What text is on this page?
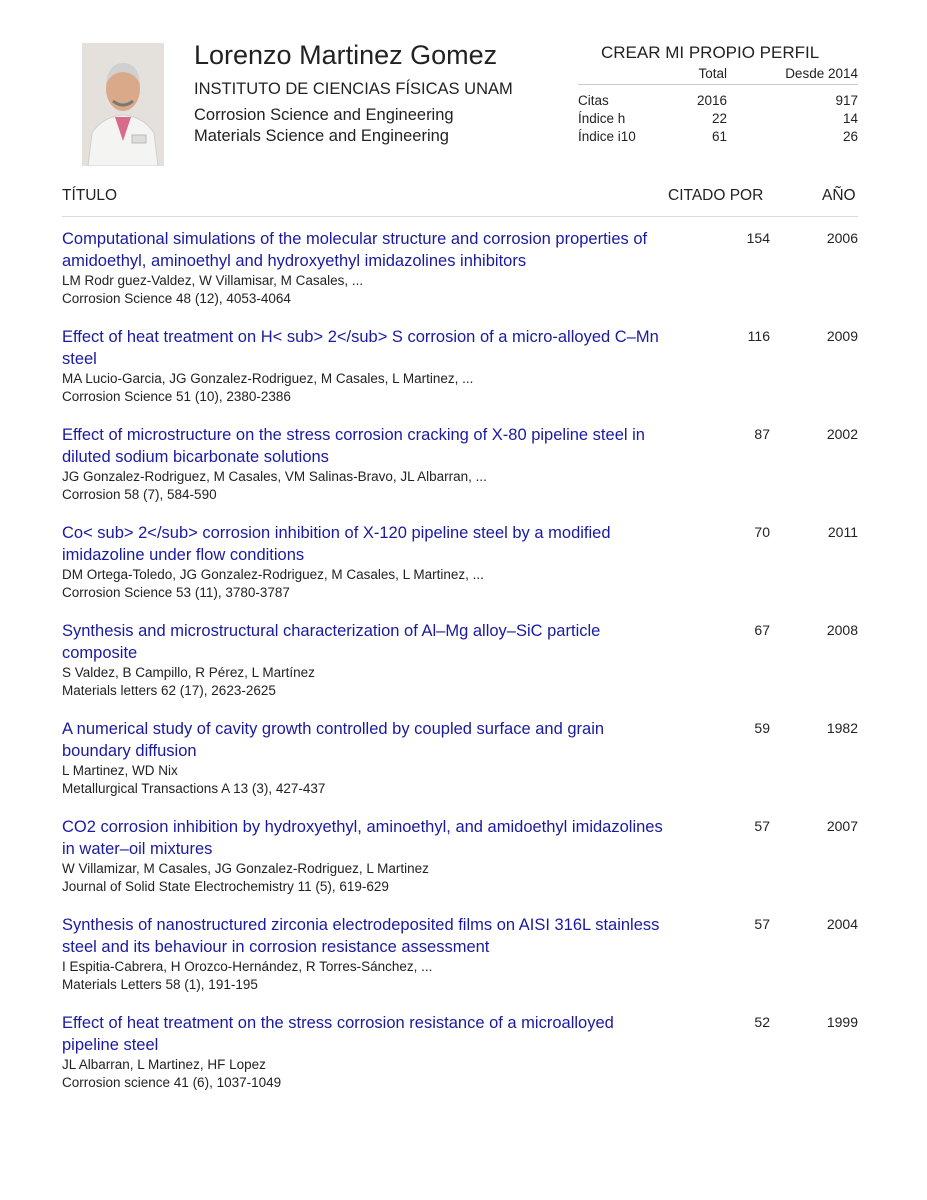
Lorenzo Martinez Gomez
INSTITUTO DE CIENCIAS FÍSICAS UNAM
Corrosion Science and Engineering
Materials Science and Engineering
CREAR MI PROPIO PERFIL
Total	Desde 2014
Citas	2016	917
Índice h	22	14
Índice i10	61	26
TÍTULO	CITADO POR	AÑO
Computational simulations of the molecular structure and corrosion properties of amidoethyl, aminoethyl and hydroxyethyl imidazolines inhibitors
LM Rodr guez-Valdez, W Villamisar, M Casales, ...
Corrosion Science 48 (12), 4053-4064
154	2006
Effect of heat treatment on H< sub> 2</sub> S corrosion of a micro-alloyed C–Mn steel
MA Lucio-Garcia, JG Gonzalez-Rodriguez, M Casales, L Martinez, ...
Corrosion Science 51 (10), 2380-2386
116	2009
Effect of microstructure on the stress corrosion cracking of X-80 pipeline steel in diluted sodium bicarbonate solutions
JG Gonzalez-Rodriguez, M Casales, VM Salinas-Bravo, JL Albarran, ...
Corrosion 58 (7), 584-590
87	2002
Co< sub> 2</sub> corrosion inhibition of X-120 pipeline steel by a modified imidazoline under flow conditions
DM Ortega-Toledo, JG Gonzalez-Rodriguez, M Casales, L Martinez, ...
Corrosion Science 53 (11), 3780-3787
70	2011
Synthesis and microstructural characterization of Al–Mg alloy–SiC particle composite
S Valdez, B Campillo, R Pérez, L Martínez
Materials letters 62 (17), 2623-2625
67	2008
A numerical study of cavity growth controlled by coupled surface and grain boundary diffusion
L Martinez, WD Nix
Metallurgical Transactions A 13 (3), 427-437
59	1982
CO2 corrosion inhibition by hydroxyethyl, aminoethyl, and amidoethyl imidazolines in water–oil mixtures
W Villamizar, M Casales, JG Gonzalez-Rodriguez, L Martinez
Journal of Solid State Electrochemistry 11 (5), 619-629
57	2007
Synthesis of nanostructured zirconia electrodeposited films on AISI 316L stainless steel and its behaviour in corrosion resistance assessment
I Espitia-Cabrera, H Orozco-Hernández, R Torres-Sánchez, ...
Materials Letters 58 (1), 191-195
57	2004
Effect of heat treatment on the stress corrosion resistance of a microalloyed pipeline steel
JL Albarran, L Martinez, HF Lopez
Corrosion science 41 (6), 1037-1049
52	1999
